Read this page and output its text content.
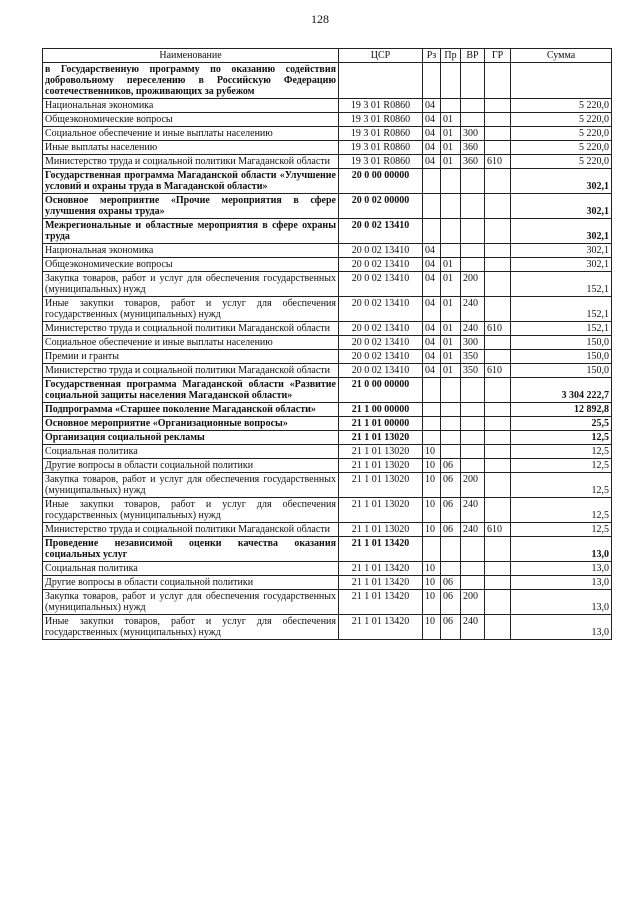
128
Наименование	ЦСР	Рз	Пр	ВР	ГР	Сумма
в Государственную программу по оказанию содействия добровольному переселению в Российскую Федерацию соотечественников, проживающих за рубежом						
Национальная экономика	19 3 01 R0860	04				5 220,0
Общеэкономические вопросы	19 3 01 R0860	04	01			5 220,0
Социальное обеспечение и иные выплаты населению	19 3 01 R0860	04	01	300		5 220,0
Иные выплаты населению	19 3 01 R0860	04	01	360		5 220,0
Министерство труда и социальной политики Магаданской области	19 3 01 R0860	04	01	360	610	5 220,0
Государственная программа Магаданской области «Улучшение условий и охраны труда в Магаданской области»	20 0 00 00000					302,1
Основное мероприятие «Прочие мероприятия в сфере улучшения охраны труда»	20 0 02 00000					302,1
Межрегиональные и областные мероприятия в сфере охраны труда	20 0 02 13410					302,1
Национальная экономика	20 0 02 13410	04				302,1
Общеэкономические вопросы	20 0 02 13410	04	01			302,1
Закупка товаров, работ и услуг для обеспечения государственных (муниципальных) нужд	20 0 02 13410	04	01	200		152,1
Иные закупки товаров, работ и услуг для обеспечения государственных (муниципальных) нужд	20 0 02 13410	04	01	240		152,1
Министерство труда и социальной политики Магаданской области	20 0 02 13410	04	01	240	610	152,1
Социальное обеспечение и иные выплаты населению	20 0 02 13410	04	01	300		150,0
Премии и гранты	20 0 02 13410	04	01	350		150,0
Министерство труда и социальной политики Магаданской области	20 0 02 13410	04	01	350	610	150,0
Государственная программа Магаданской области «Развитие социальной защиты населения Магаданской области»	21 0 00 00000					3 304 222,7
Подпрограмма «Старшее поколение Магаданской области»	21 1 00 00000					12 892,8
Основное мероприятие «Организационные вопросы»	21 1 01 00000					25,5
Организация социальной рекламы	21 1 01 13020					12,5
Социальная политика	21 1 01 13020	10				12,5
Другие вопросы в области социальной политики	21 1 01 13020	10	06			12,5
Закупка товаров, работ и услуг для обеспечения государственных (муниципальных) нужд	21 1 01 13020	10	06	200		12,5
Иные закупки товаров, работ и услуг для обеспечения государственных (муниципальных) нужд	21 1 01 13020	10	06	240		12,5
Министерство труда и социальной политики Магаданской области	21 1 01 13020	10	06	240	610	12,5
Проведение независимой оценки качества оказания социальных услуг	21 1 01 13420					13,0
Социальная политика	21 1 01 13420	10				13,0
Другие вопросы в области социальной политики	21 1 01 13420	10	06			13,0
Закупка товаров, работ и услуг для обеспечения государственных (муниципальных) нужд	21 1 01 13420	10	06	200		13,0
Иные закупки товаров, работ и услуг для обеспечения государственных (муниципальных) нужд	21 1 01 13420	10	06	240		13,0
